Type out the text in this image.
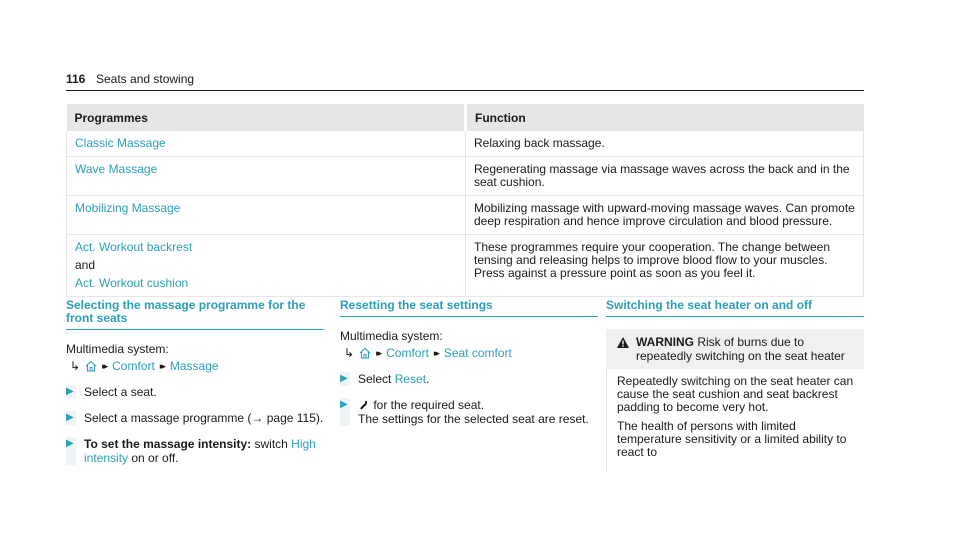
116 Seats and stowing
Programmes	Function
Classic Massage	Relaxing back massage.
Wave Massage	Regenerating massage via massage waves across the back and in the seat cushion.
Mobilizing Massage	Mobilizing massage with upward-moving massage waves. Can promote deep respiration and hence improve circulation and blood pressure.

Act. Workout backrest
and
Act. Workout cushion	These programmes require your cooperation. The change between tensing and releasing helps to improve blood flow to your muscles. Press against a pressure point as soon as you feel it.
Selecting the massage programme for the front seats
Multimedia system:
↳ ▸▸ Comfort ▸▸ Massage
▶ Select a seat.
▶ Select a massage programme (→ page 115).
▶ To set the massage intensity: switch High intensity on or off.
Resetting the seat settings
Multimedia system:
↳ ▸▸ Comfort ▸▸ Seat comfort
▶ Select Reset.
▶	for the required seat.
The settings for the selected seat are reset.
Switching the seat heater on and off
WARNING Risk of burns due to repeatedly switching on the seat heater

Repeatedly switching on the seat heater can cause the seat cushion and seat backrest padding to become very hot.

The health of persons with limited temperature sensitivity or a limited ability to react to
